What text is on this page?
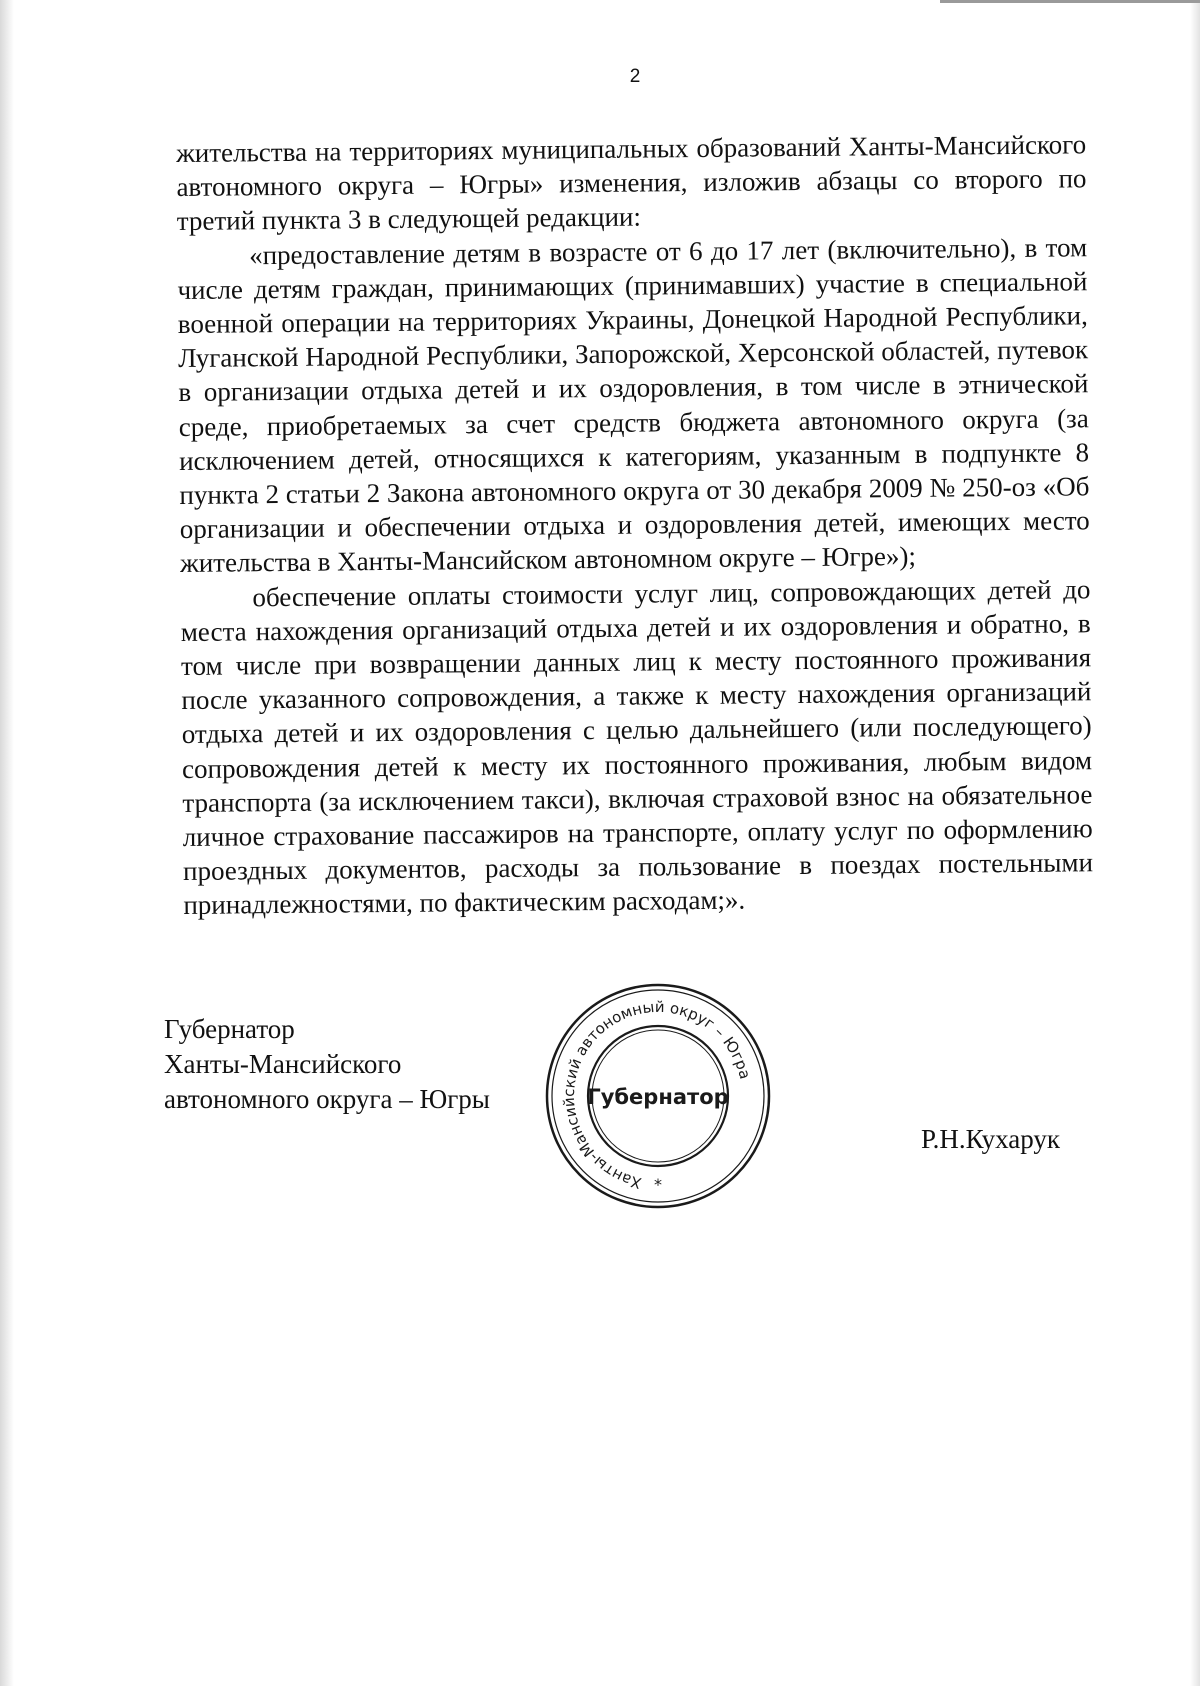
2

жительства на территориях муниципальных образований Ханты-Мансийского автономного округа – Югры» изменения, изложив абзацы со второго по третий пункта 3 в следующей редакции:

«предоставление детям в возрасте от 6 до 17 лет (включительно), в том числе детям граждан, принимающих (принимавших) участие в специальной военной операции на территориях Украины, Донецкой Народной Республики, Луганской Народной Республики, Запорожской, Херсонской областей, путевок в организации отдыха детей и их оздоровления, в том числе в этнической среде, приобретаемых за счет средств бюджета автономного округа (за исключением детей, относящихся к категориям, указанным в подпункте 8 пункта 2 статьи 2 Закона автономного округа от 30 декабря 2009 № 250-оз «Об организации и обеспечении отдыха и оздоровления детей, имеющих место жительства в Ханты-Мансийском автономном округе – Югре»);

обеспечение оплаты стоимости услуг лиц, сопровождающих детей до места нахождения организаций отдыха детей и их оздоровления и обратно, в том числе при возвращении данных лиц к месту постоянного проживания после указанного сопровождения, а также к месту нахождения организаций отдыха детей и их оздоровления с целью дальнейшего (или последующего) сопровождения детей к месту их постоянного проживания, любым видом транспорта (за исключением такси), включая страховой взнос на обязательное личное страхование пассажиров на транспорте, оплату услуг по оформлению проездных документов, расходы за пользование в поездах постельными принадлежностями, по фактическим расходам;».

Губернатор
Ханты-Мансийского
автономного округа – Югры
Ханты-Мансийский автономный округ – Югра
Губернатор
*
Р.Н.Кухарук
